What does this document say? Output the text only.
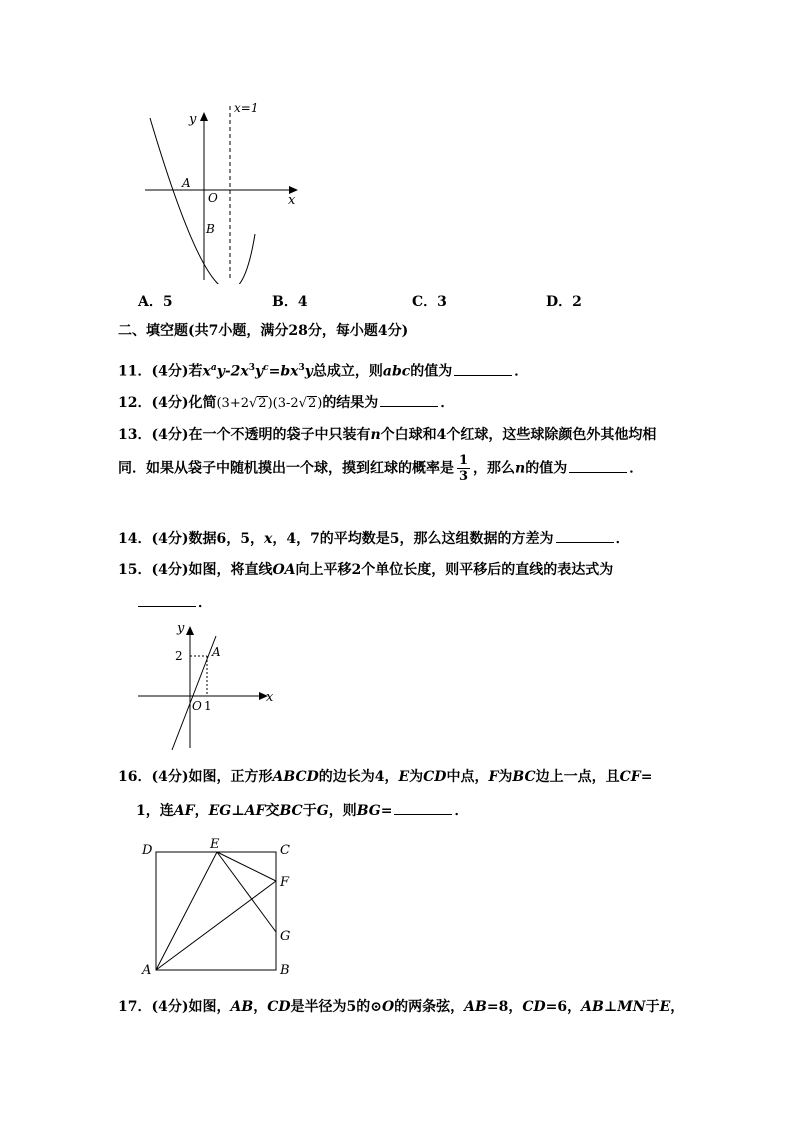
y
x
O
x=1
A
B
A．5	B．4	C．3	D．2
二、填空题(共7小题，满分28分，每小题4分)
11．(4分)若$x^ay-2x^3y^c=bx^3y$总成立，则abc的值为	．
12．(4分)化简(3+2√2)(3-2√2)的结果为	．
13．(4分)在一个不透明的袋子中只装有n个白球和4个红球，这些球除颜色外其他均相
同．如果从袋子中随机摸出一个球，摸到红球的概率是 $\frac{1}{3}$ ，那么n的值为	．
14．(4分)数据6，5，x，4，7的平均数是5，那么这组数据的方差为	．
15．(4分)如图，将直线OA向上平移2个单位长度，则平移后的直线的表达式为
．
y
x
O 1
2 A
16．(4分)如图，正方形ABCD的边长为4，E为CD中点，F为BC边上一点，且CF=
1，连AF，EG⊥AF交BC于G，则BG=	．
D	E	C
F
G
A	B
17．(4分)如图，AB，CD是半径为5的⊙O的两条弦，AB=8，CD=6，AB⊥MN于E，
